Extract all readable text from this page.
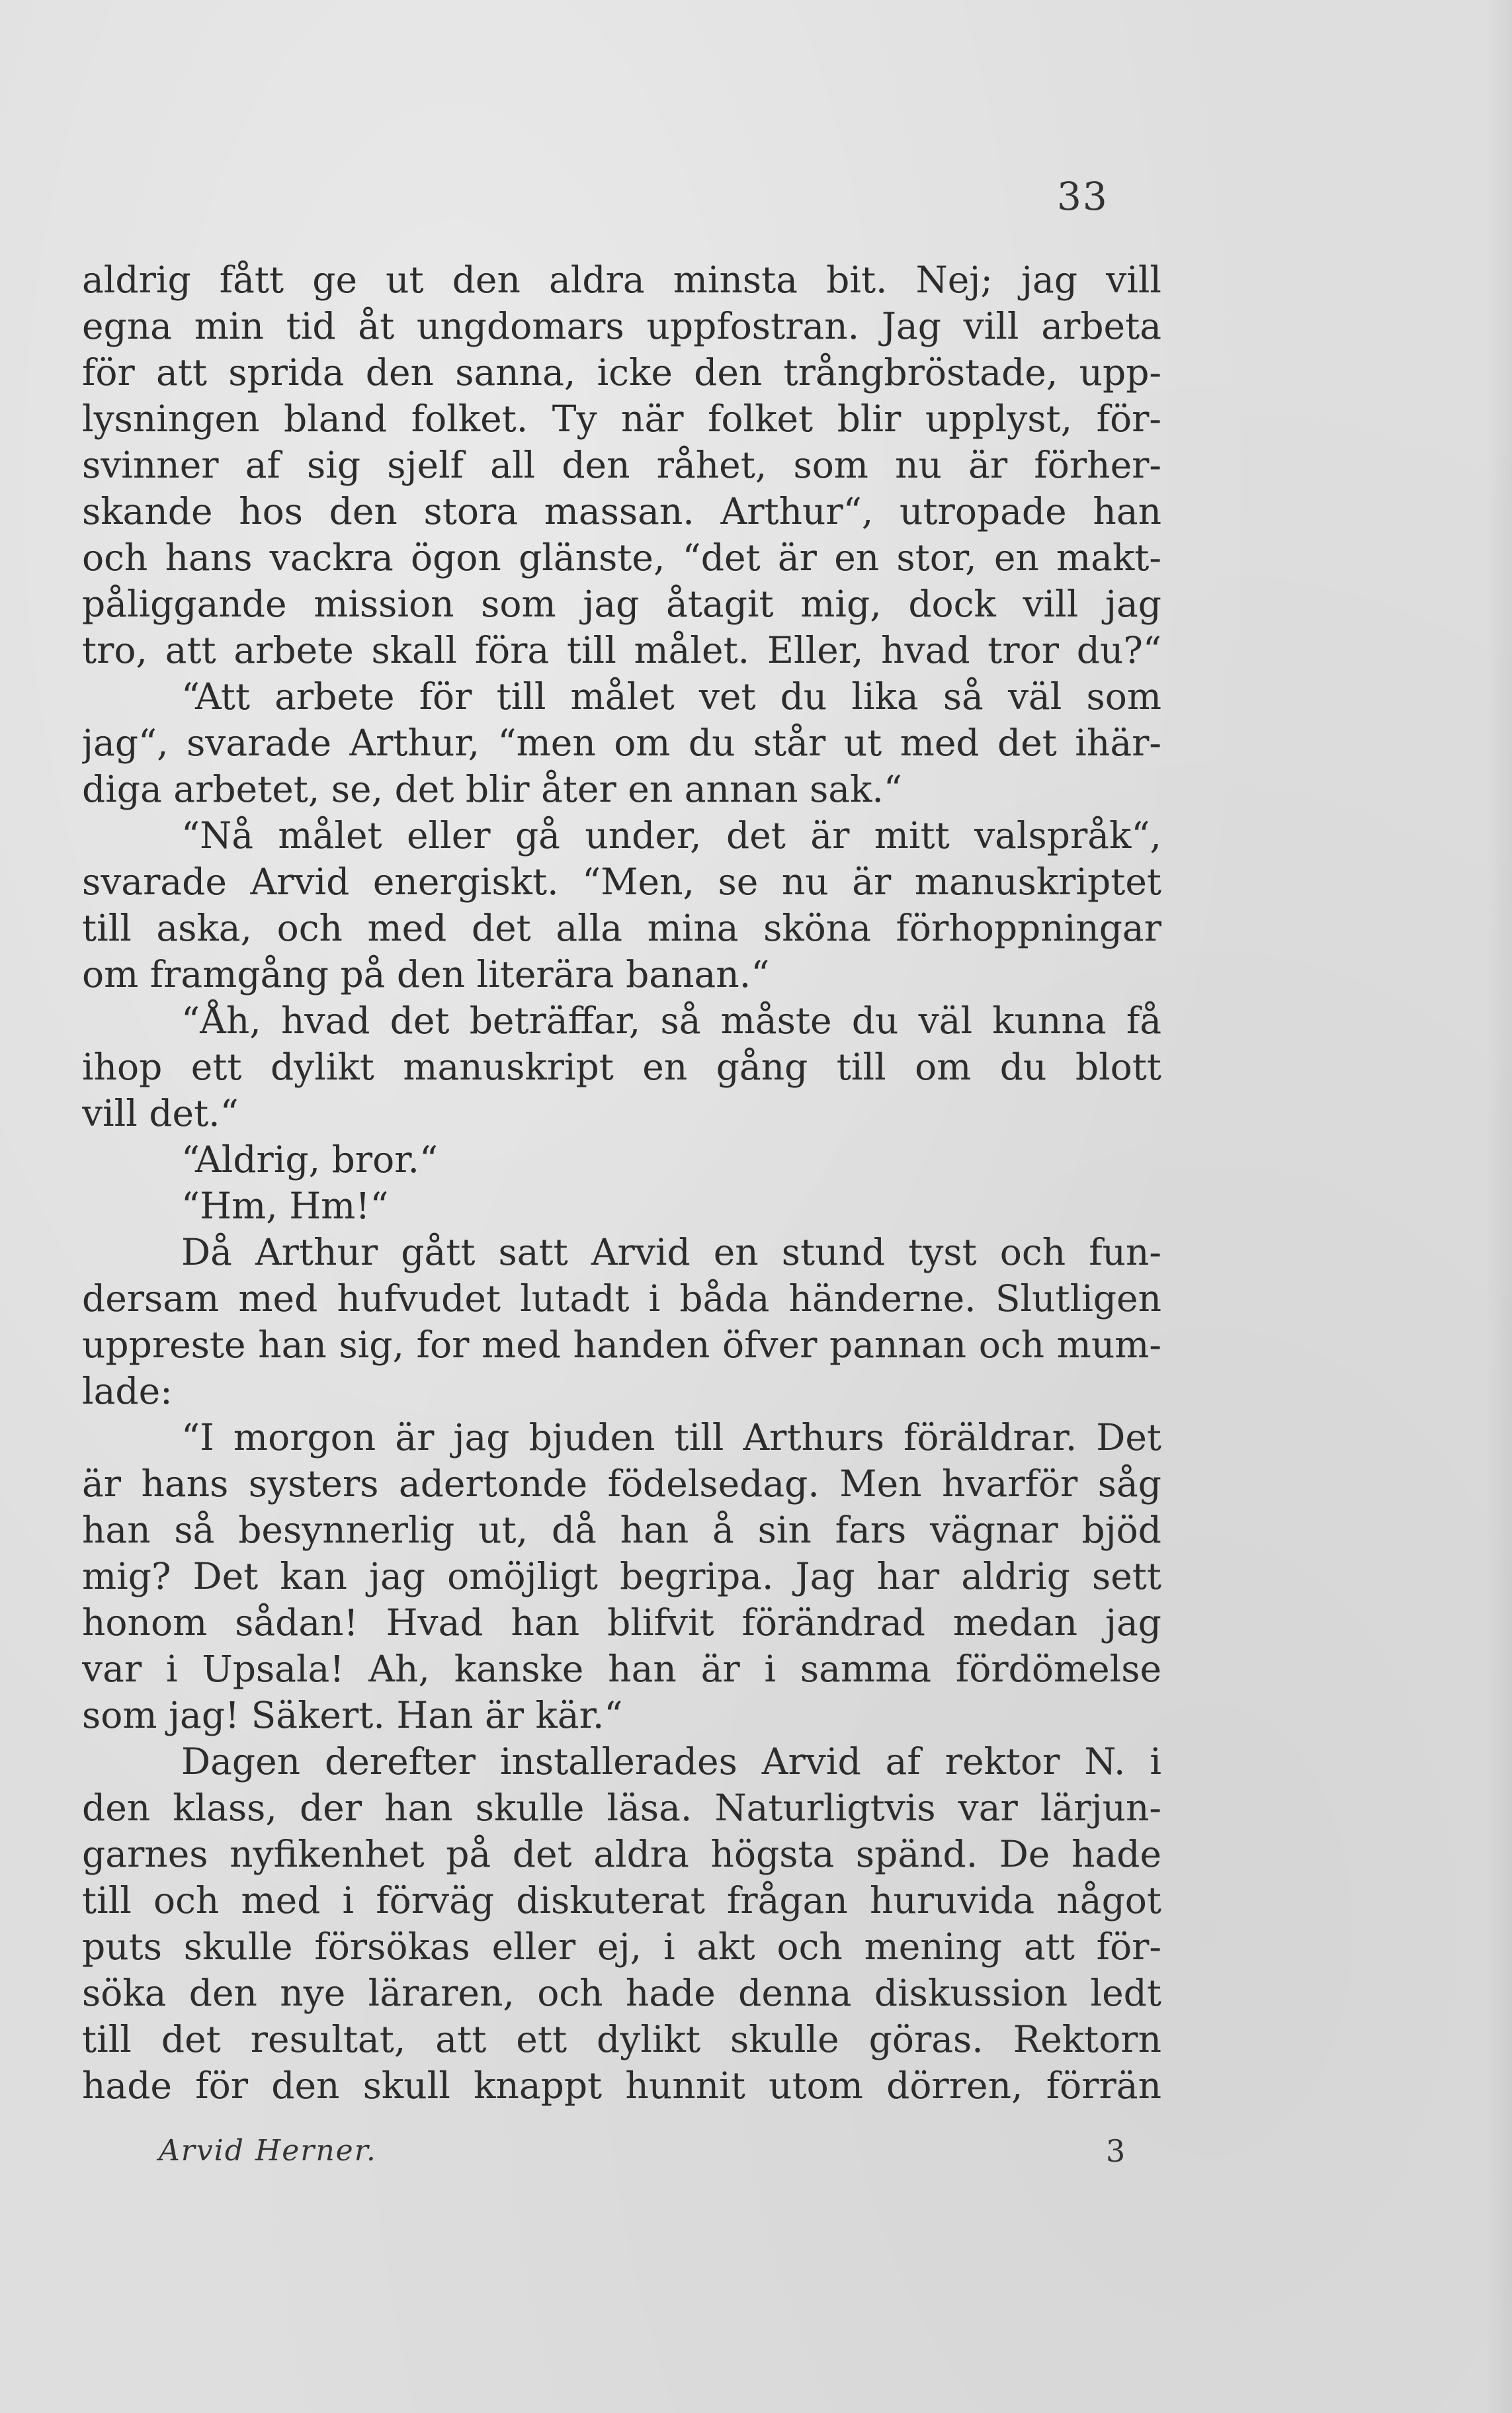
33
aldrig fått ge ut den aldra minsta bit. Nej; jag vill
egna min tid åt ungdomars uppfostran. Jag vill arbeta
för att sprida den sanna, icke den trångbröstade, upp-
lysningen bland folket. Ty när folket blir upplyst, för-
svinner af sig sjelf all den råhet, som nu är förher-
skande hos den stora massan. Arthur“, utropade han
och hans vackra ögon glänste, “det är en stor, en makt-
påliggande mission som jag åtagit mig, dock vill jag
tro, att arbete skall föra till målet. Eller, hvad tror du?“
“Att arbete för till målet vet du lika så väl som
jag“, svarade Arthur, “men om du står ut med det ihär-
diga arbetet, se, det blir åter en annan sak.“
“Nå målet eller gå under, det är mitt valspråk“,
svarade Arvid energiskt. “Men, se nu är manuskriptet
till aska, och med det alla mina sköna förhoppningar
om framgång på den literära banan.“
“Åh, hvad det beträffar, så måste du väl kunna få
ihop ett dylikt manuskript en gång till om du blott
vill det.“
“Aldrig, bror.“
“Hm, Hm!“
Då Arthur gått satt Arvid en stund tyst och fun-
dersam med hufvudet lutadt i båda händerne. Slutligen
uppreste han sig, for med handen öfver pannan och mum-
lade:
“I morgon är jag bjuden till Arthurs föräldrar. Det
är hans systers adertonde födelsedag. Men hvarför såg
han så besynnerlig ut, då han å sin fars vägnar bjöd
mig? Det kan jag omöjligt begripa. Jag har aldrig sett
honom sådan! Hvad han blifvit förändrad medan jag
var i Upsala! Ah, kanske han är i samma fördömelse
som jag! Säkert. Han är kär.“
Dagen derefter installerades Arvid af rektor N. i
den klass, der han skulle läsa. Naturligtvis var lärjun-
garnes nyfikenhet på det aldra högsta spänd. De hade
till och med i förväg diskuterat frågan huruvida något
puts skulle försökas eller ej, i akt och mening att för-
söka den nye läraren, och hade denna diskussion ledt
till det resultat, att ett dylikt skulle göras. Rektorn
hade för den skull knappt hunnit utom dörren, förrän
Arvid Herner.	3
